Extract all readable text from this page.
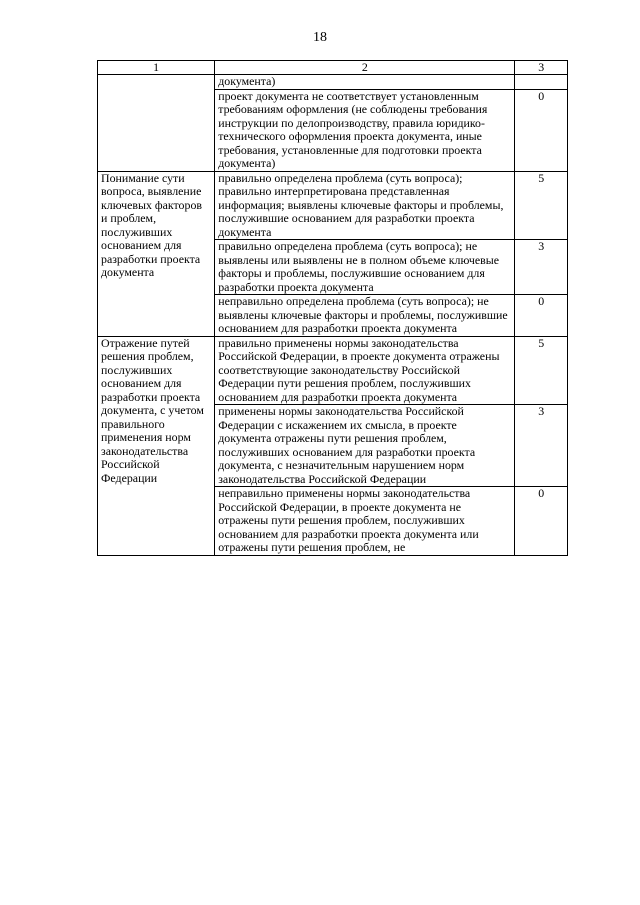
18
1	2	3
	документа)	
	проект документа не соответствует установленным требованиям оформления (не соблюдены требования инструкции по делопроизводству, правила юридико-технического оформления проекта документа, иные требования, установленные для подготовки проекта документа)	0
Понимание сути вопроса, выявление ключевых факторов и проблем, послуживших основанием для разработки проекта документа	правильно определена проблема (суть вопроса); правильно интерпретирована представленная информация; выявлены ключевые факторы и проблемы, послужившие основанием для разработки проекта документа	5
	правильно определена проблема (суть вопроса); не выявлены или выявлены не в полном объеме ключевые факторы и проблемы, послужившие основанием для разработки проекта документа	3
	неправильно определена проблема (суть вопроса); не выявлены ключевые факторы и проблемы, послужившие основанием для разработки проекта документа	0
Отражение путей решения проблем, послуживших основанием для разработки проекта документа, с учетом правильного применения норм законодательства Российской Федерации	правильно применены нормы законодательства Российской Федерации, в проекте документа отражены соответствующие законодательству Российской Федерации пути решения проблем, послуживших основанием для разработки проекта документа	5
	применены нормы законодательства Российской Федерации с искажением их смысла, в проекте документа отражены пути решения проблем, послуживших основанием для разработки проекта документа, с незначительным нарушением норм законодательства Российской Федерации	3
	неправильно применены нормы законодательства Российской Федерации, в проекте документа не отражены пути решения проблем, послуживших основанием для разработки проекта документа или отражены пути решения проблем, не	0
